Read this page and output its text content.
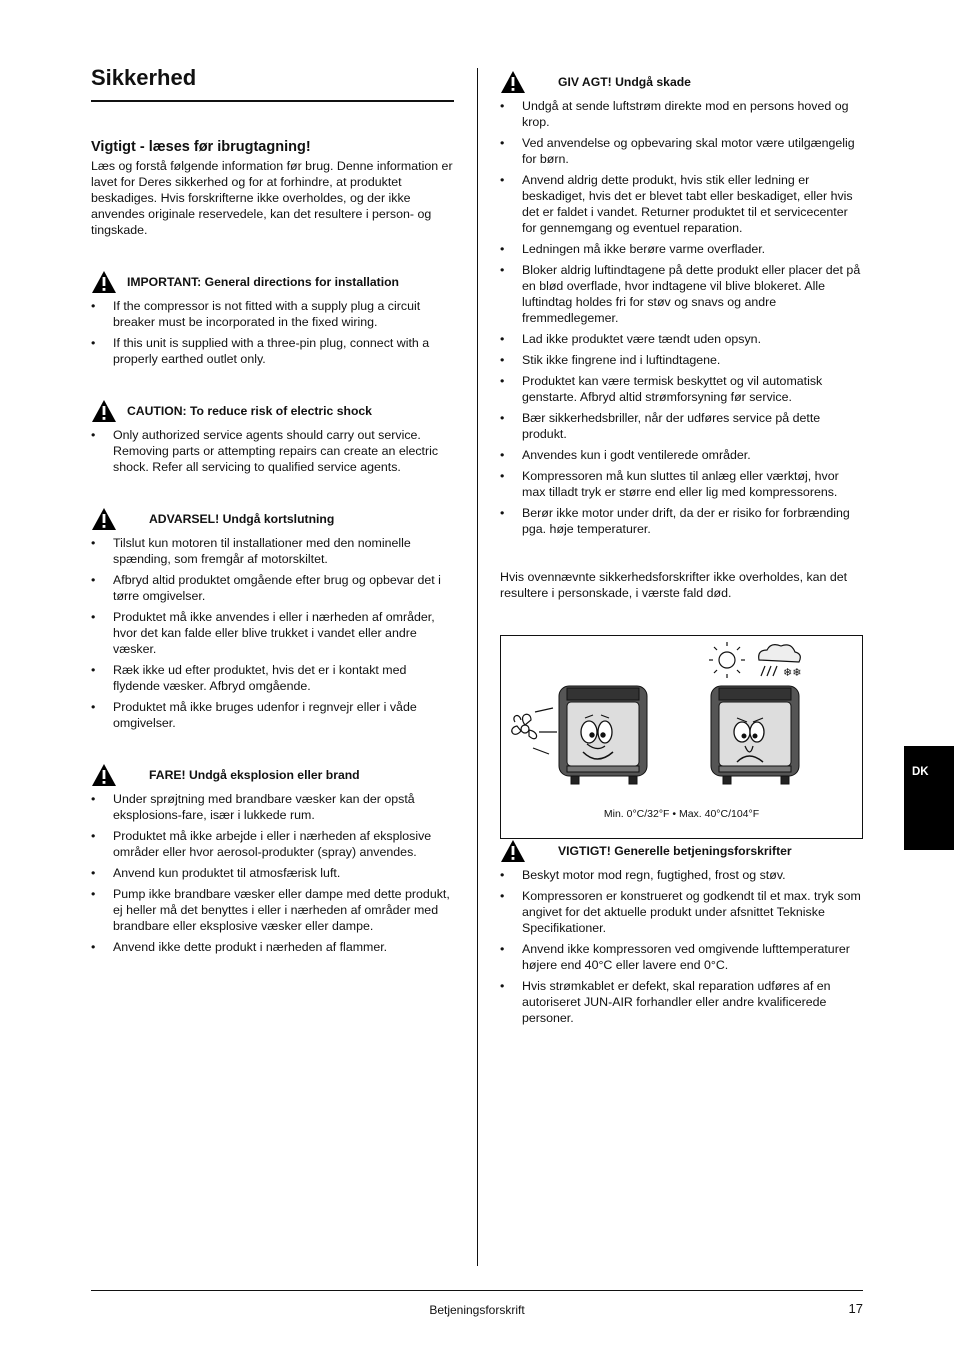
Sikkerhed
Vigtigt - læses før ibrugtagning!

Læs og forstå følgende information før brug. Denne information er lavet for Deres sikkerhed og for at forhindre, at produktet beskadiges. Hvis forskrifterne ikke overholdes, og der ikke anvendes originale reservedele, kan det resultere i person- og tingskade.

IMPORTANT: General directions for installation
• If the compressor is not fitted with a supply plug a circuit breaker must be incorporated in the fixed wiring.
• If this unit is supplied with a three-pin plug, connect with a properly earthed outlet only.
CAUTION: To reduce risk of electric shock
• Only authorized service agents should carry out service. Removing parts or attempting repairs can create an electric shock. Refer all servicing to qualified service agents.
ADVARSEL! Undgå kortslutning
• Tilslut kun motoren til installationer med den nominelle spænding, som fremgår af motorskiltet.
• Afbryd altid produktet omgående efter brug og opbevar det i tørre omgivelser.
• Produktet må ikke anvendes i eller i nærheden af områder, hvor det kan falde eller blive trukket i vandet eller andre væsker.
• Ræk ikke ud efter produktet, hvis det er i kontakt med flydende væsker. Afbryd omgående.
• Produktet må ikke bruges udenfor i regnvejr eller i våde omgivelser.
FARE! Undgå eksplosion eller brand
• Under sprøjtning med brandbare væsker kan der opstå eksplosions-fare, især i lukkede rum.
• Produktet må ikke arbejde i eller i nærheden af eksplosive områder eller hvor aerosol-produkter (spray) anvendes.
• Anvend kun produktet til atmosfærisk luft.
• Pump ikke brandbare væsker eller dampe med dette produkt, ej heller må det benyttes i eller i nærheden af områder med brandbare eller eksplosive væsker eller dampe.
• Anvend ikke dette produkt i nærheden af flammer.
GIV AGT! Undgå skade
• Undgå at sende luftstrøm direkte mod en persons hoved og krop.
• Ved anvendelse og opbevaring skal motor være utilgængelig for børn.
• Anvend aldrig dette produkt, hvis stik eller ledning er beskadiget, hvis det er blevet tabt eller beskadiget, eller hvis det er faldet i vandet. Returner produktet til et servicecenter for gennemgang og eventuel reparation.
• Ledningen må ikke berøre varme overflader.
• Bloker aldrig luftindtagene på dette produkt eller placer det på en blød overflade, hvor indtagene vil blive blokeret. Alle luftindtag holdes fri for støv og snavs og andre fremmedlegemer.
• Lad ikke produktet være tændt uden opsyn.
• Stik ikke fingrene ind i luftindtagene.
• Produktet kan være termisk beskyttet og vil automatisk genstarte. Afbryd altid strømforsyning før service.
• Bær sikkerhedsbriller, når der udføres service på dette produkt.
• Anvendes kun i godt ventilerede områder.
• Kompressoren må kun sluttes til anlæg eller værktøj, hvor max tilladt tryk er større end eller lig med kompressorens.
• Berør ikke motor under drift, da der er risiko for forbrænding pga. høje temperaturer.

Hvis ovennævnte sikkerhedsforskrifter ikke overholdes, kan det resultere i personskade, i værste fald død.

❄❄
Min. 0°C/32°F • Max. 40°C/104°F
VIGTIGT! Generelle betjeningsforskrifter
• Beskyt motor mod regn, fugtighed, frost og støv.
• Kompressoren er konstrueret og godkendt til et max. tryk som angivet for det aktuelle produkt under afsnittet Tekniske Specifikationer.
• Anvend ikke kompressoren ved omgivende lufttemperaturer højere end 40°C eller lavere end 0°C.
• Hvis strømkablet er defekt, skal reparation udføres af en autoriseret JUN-AIR forhandler eller andre kvalificerede personer.
DK
Betjeningsforskrift	17
